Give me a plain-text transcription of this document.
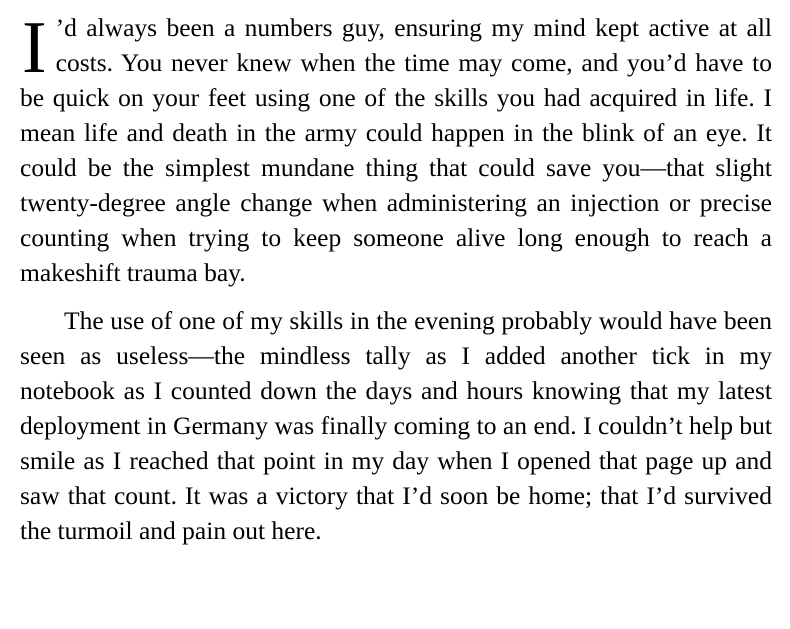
I ’d always been a numbers guy, ensuring my mind kept active at all costs. You never knew when the time may come, and you’d have to be quick on your feet using one of the skills you had acquired in life. I mean life and death in the army could happen in the blink of an eye. It could be the simplest mundane thing that could save you—that slight twenty-degree angle change when administering an injection or precise counting when trying to keep someone alive long enough to reach a makeshift trauma bay.

The use of one of my skills in the evening probably would have been seen as useless—the mindless tally as I added another tick in my notebook as I counted down the days and hours knowing that my latest deployment in Germany was finally coming to an end. I couldn’t help but smile as I reached that point in my day when I opened that page up and saw that count. It was a victory that I’d soon be home; that I’d survived the turmoil and pain out here.
